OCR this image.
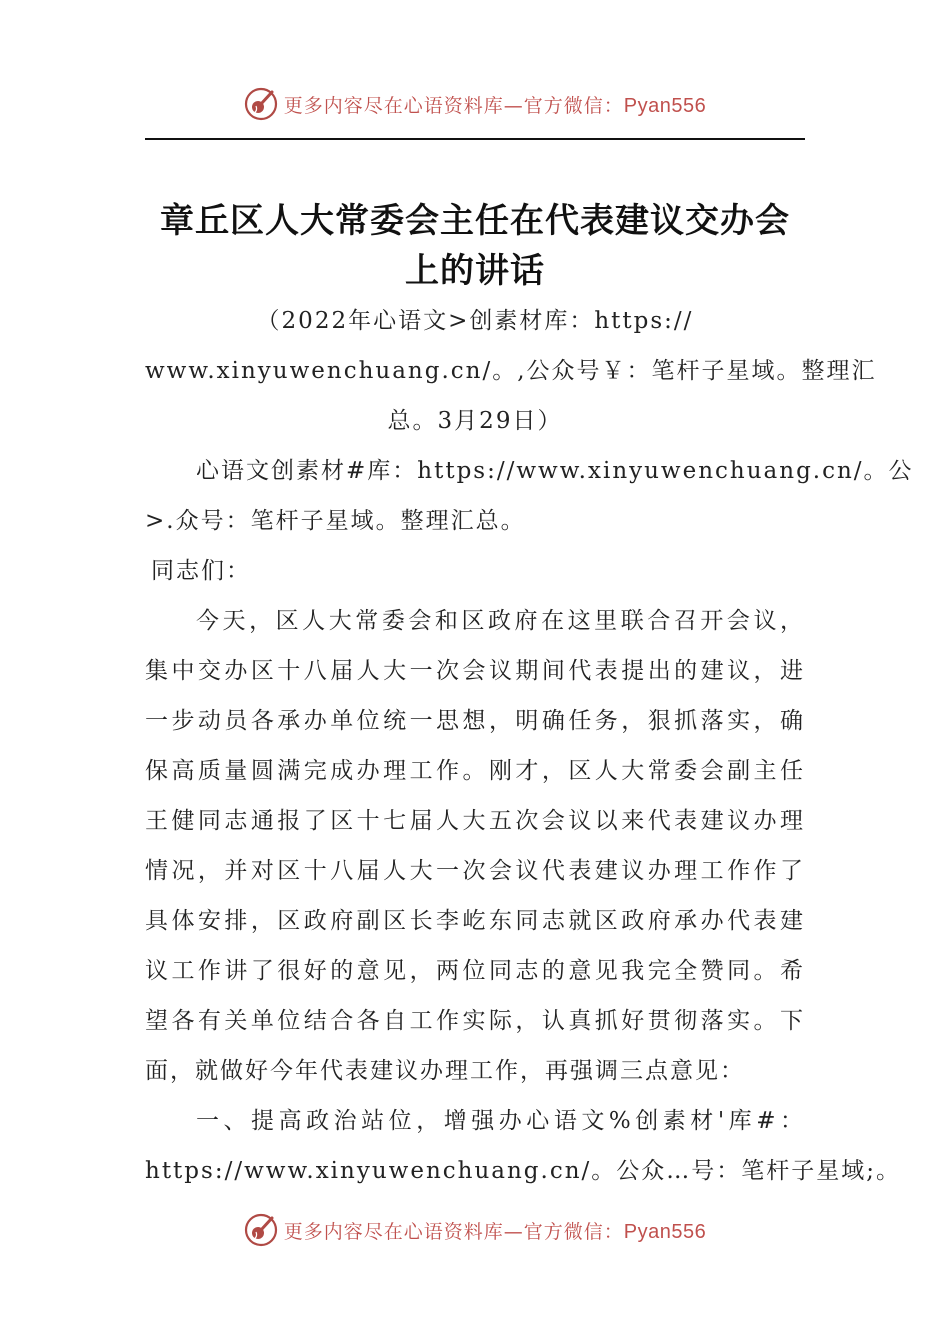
更多内容尽在心语资料库—官方微信：Pyan556
章丘区人大常委会主任在代表建议交办会上的讲话
（2022年心语文>创素材库：https://
www.xinyuwenchuang.cn/。,公众号￥：笔杆子星域。整理汇
总。3月29日）
心语文创素材#库：https://www.xinyuwenchuang.cn/。公
>.众号：笔杆子星域。整理汇总。
同志们：
今天，区人大常委会和区政府在这里联合召开会议，
集中交办区十八届人大一次会议期间代表提出的建议，进
一步动员各承办单位统一思想，明确任务，狠抓落实，确
保高质量圆满完成办理工作。刚才，区人大常委会副主任
王健同志通报了区十七届人大五次会议以来代表建议办理
情况，并对区十八届人大一次会议代表建议办理工作作了
具体安排，区政府副区长李屹东同志就区政府承办代表建
议工作讲了很好的意见，两位同志的意见我完全赞同。希
望各有关单位结合各自工作实际，认真抓好贯彻落实。下
面，就做好今年代表建议办理工作，再强调三点意见：
一、提高政治站位，增强办心语文%创素材'库#：
https://www.xinyuwenchuang.cn/。公众…号：笔杆子星域;。
更多内容尽在心语资料库—官方微信：Pyan556
